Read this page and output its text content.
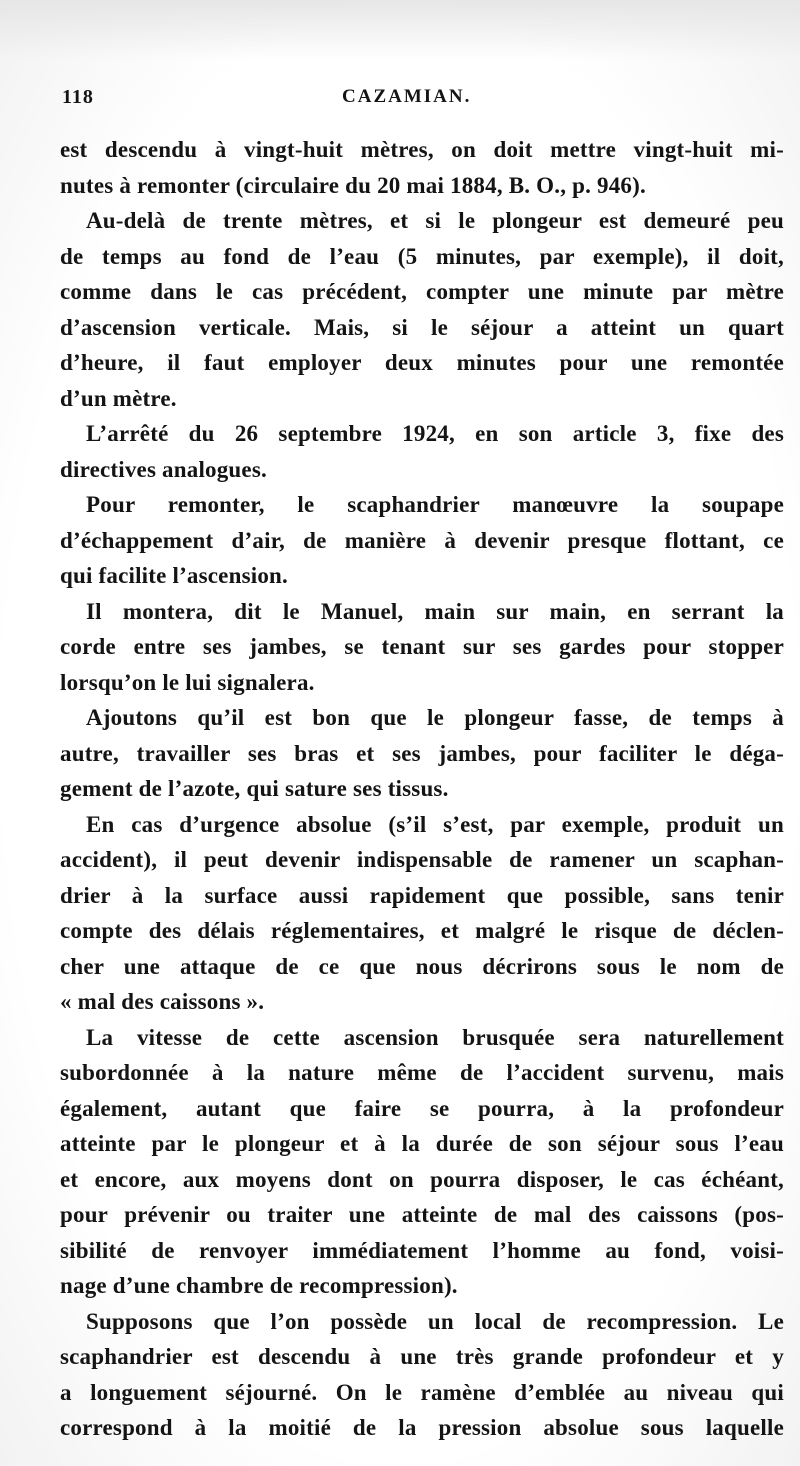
118	CAZAMIAN.
est descendu à vingt-huit mètres, on doit mettre vingt-huit mi-
nutes à remonter (circulaire du 20 mai 1884, B. O., p. 946).
Au-delà de trente mètres, et si le plongeur est demeuré peu
de temps au fond de l’eau (5 minutes, par exemple), il doit,
comme dans le cas précédent, compter une minute par mètre
d’ascension verticale. Mais, si le séjour a atteint un quart
d’heure, il faut employer deux minutes pour une remontée
d’un mètre.
L’arrêté du 26 septembre 1924, en son article 3, fixe des
directives analogues.
Pour remonter, le scaphandrier manœuvre la soupape
d’échappement d’air, de manière à devenir presque flottant, ce
qui facilite l’ascension.
Il montera, dit le Manuel, main sur main, en serrant la
corde entre ses jambes, se tenant sur ses gardes pour stopper
lorsqu’on le lui signalera.
Ajoutons qu’il est bon que le plongeur fasse, de temps à
autre, travailler ses bras et ses jambes, pour faciliter le déga-
gement de l’azote, qui sature ses tissus.
En cas d’urgence absolue (s’il s’est, par exemple, produit un
accident), il peut devenir indispensable de ramener un scaphan-
drier à la surface aussi rapidement que possible, sans tenir
compte des délais réglementaires, et malgré le risque de déclen-
cher une attaque de ce que nous décrirons sous le nom de
« mal des caissons ».
La vitesse de cette ascension brusquée sera naturellement
subordonnée à la nature même de l’accident survenu, mais
également, autant que faire se pourra, à la profondeur
atteinte par le plongeur et à la durée de son séjour sous l’eau
et encore, aux moyens dont on pourra disposer, le cas échéant,
pour prévenir ou traiter une atteinte de mal des caissons (pos-
sibilité de renvoyer immédiatement l’homme au fond, voisi-
nage d’une chambre de recompression).
Supposons que l’on possède un local de recompression. Le
scaphandrier est descendu à une très grande profondeur et y
a longuement séjourné. On le ramène d’emblée au niveau qui
correspond à la moitié de la pression absolue sous laquelle
